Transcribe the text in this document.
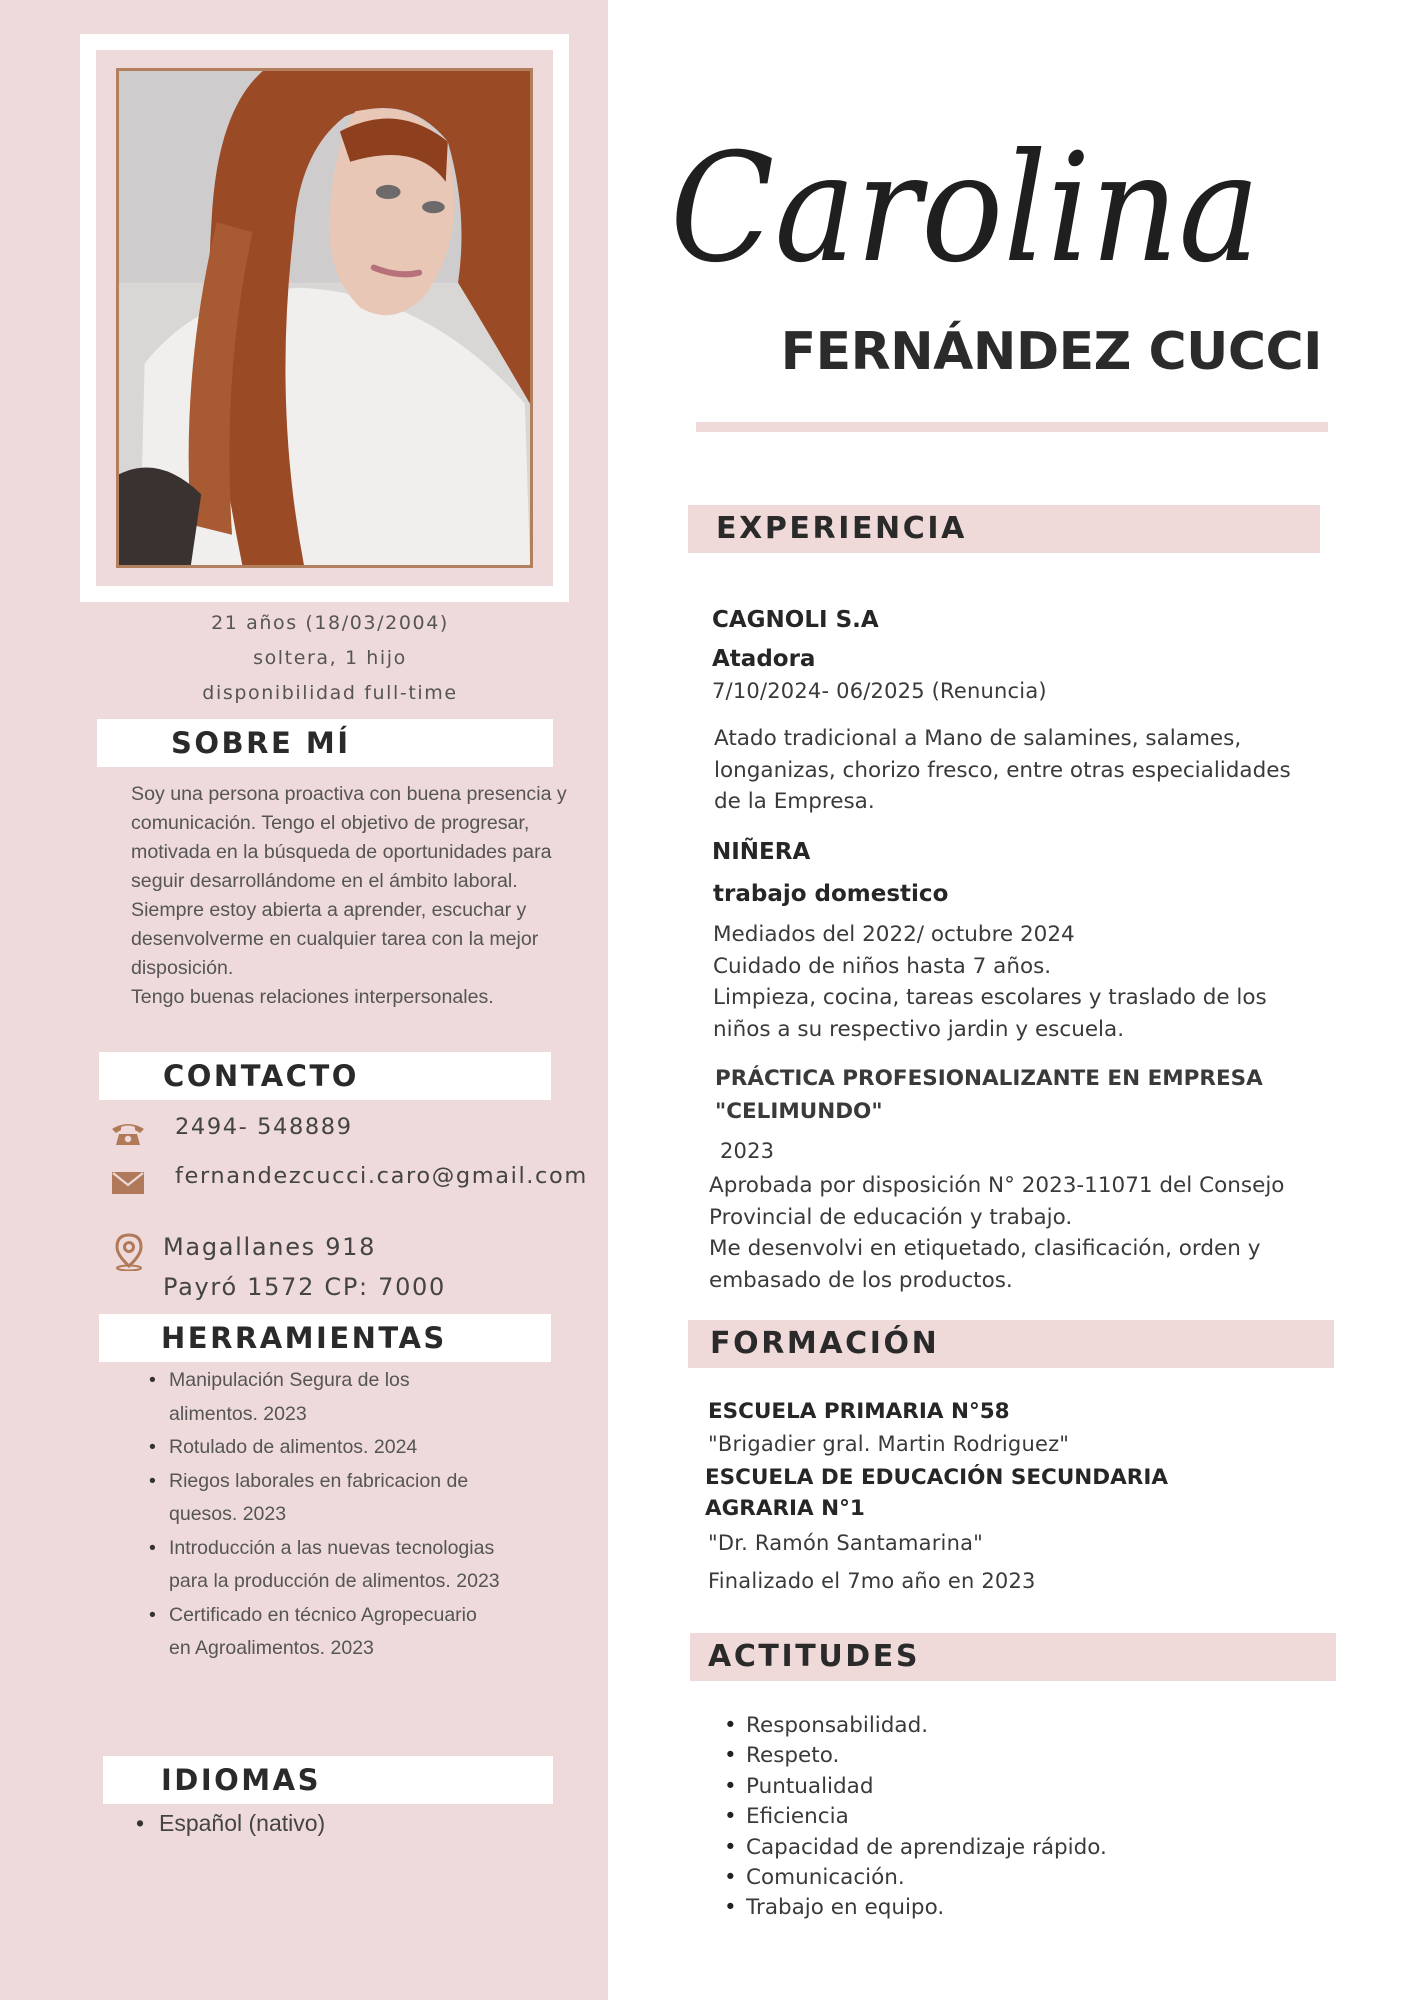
21 años (18/03/2004)
soltera, 1 hijo
disponibilidad full-time
SOBRE MÍ

Soy una persona proactiva con buena presencia y comunicación. Tengo el objetivo de progresar, motivada en la búsqueda de oportunidades para seguir desarrollándome en el ámbito laboral.

Siempre estoy abierta a aprender, escuchar y desenvolverme en cualquier tarea con la mejor disposición.

Tengo buenas relaciones interpersonales.

CONTACTO
2494- 548889
fernandezcucci.caro@gmail.com
Magallanes 918
Payró 1572 CP: 7000
HERRAMIENTAS
• Manipulación Segura de los alimentos. 2023
• Rotulado de alimentos. 2024
• Riegos laborales en fabricacion de quesos. 2023
• Introducción a las nuevas tecnologias para la producción de alimentos. 2023
• Certificado en técnico Agropecuario en Agroalimentos. 2023
IDIOMAS
• Español (nativo)
Carolina
FERNÁNDEZ CUCCI
EXPERIENCIA
CAGNOLI S.A
Atadora
7/10/2024- 06/2025 (Renuncia)
Atado tradicional a Mano de salamines, salames, longanizas, chorizo fresco, entre otras especialidades de la Empresa.
NIÑERA
trabajo domestico
Mediados del 2022/ octubre 2024
Cuidado de niños hasta 7 años.
Limpieza, cocina, tareas escolares y traslado de los niños a su respectivo jardin y escuela.
PRÁCTICA PROFESIONALIZANTE EN EMPRESA "CELIMUNDO"
2023
Aprobada por disposición N° 2023-11071 del Consejo Provincial de educación y trabajo.
Me desenvolvi en etiquetado, clasificación, orden y embasado de los productos.
FORMACIÓN
ESCUELA PRIMARIA N°58
"Brigadier gral. Martin Rodriguez"
ESCUELA DE EDUCACIÓN SECUNDARIA
AGRARIA N°1
"Dr. Ramón Santamarina"
Finalizado el 7mo año en 2023
ACTITUDES
• Responsabilidad.
• Respeto.
• Puntualidad
• Eficiencia
• Capacidad de aprendizaje rápido.
• Comunicación.
• Trabajo en equipo.
